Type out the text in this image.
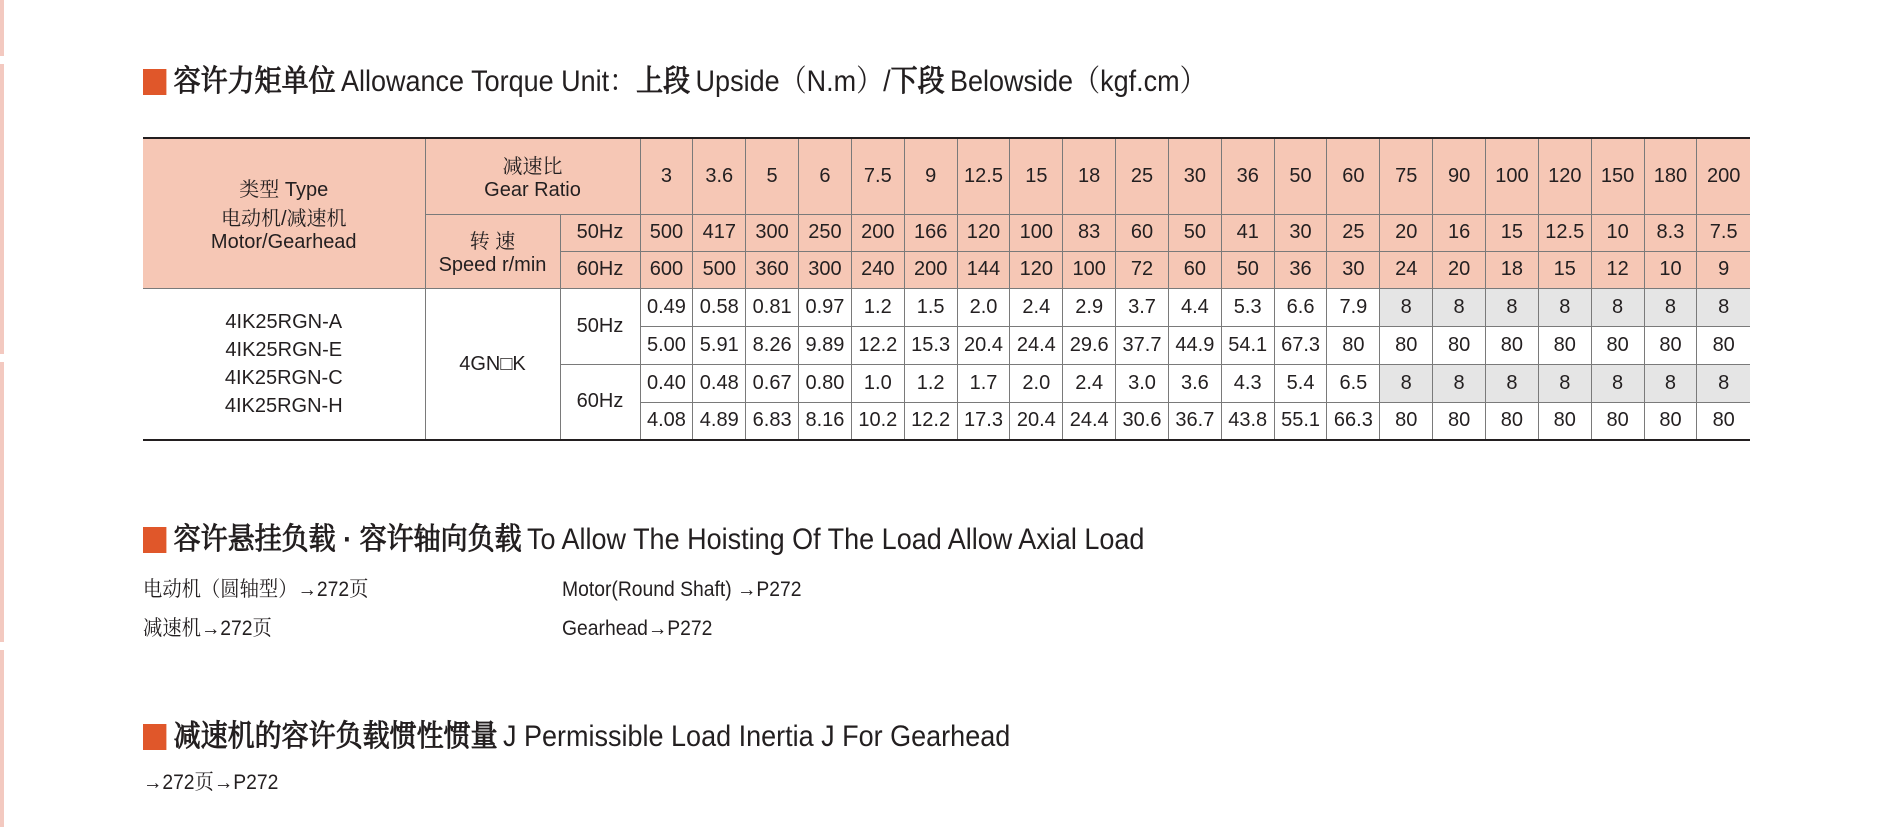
容许力矩单位 Allowance Torque Unit： 上段 Upside（N.m）/ 下段 Belowside（kgf.cm）
类型 Type
电动机/减速机
Motor/Gearhead	减速比
Gear Ratio		3	3.6	5	6	7.5	9	12.5	15	18	25	30	36	50	60	75	90	100	120	150	180	200

	转 速
Speed r/min	50Hz	500	417	300	250	200	166	120	100	83	60	50	41	30	25	20	16	15	12.5	10	8.3	7.5
		60Hz	600	500	360	300	240	200	144	120	100	72	60	50	36	30	24	20	18	15	12	10	9

4IK25RGN-A
4IK25RGN-E
4IK25RGN-C
4IK25RGN-H	4GN□K	50Hz	0.49	0.58	0.81	0.97	1.2	1.5	2.0	2.4	2.9	3.7	4.4	5.3	6.6	7.9	8	8	8	8	8	8	8
			5.00	5.91	8.26	9.89	12.2	15.3	20.4	24.4	29.6	37.7	44.9	54.1	67.3	80	80	80	80	80	80	80	80
		60Hz	0.40	0.48	0.67	0.80	1.0	1.2	1.7	2.0	2.4	3.0	3.6	4.3	5.4	6.5	8	8	8	8	8	8	8
			4.08	4.89	6.83	8.16	10.2	12.2	17.3	20.4	24.4	30.6	36.7	43.8	55.1	66.3	80	80	80	80	80	80	80
容许悬挂负载 · 容许轴向负载 To Allow The Hoisting Of The Load Allow Axial Load
电动机（圆轴型）→272页	Motor(Round Shaft) →P272
减速机→272页	Gearhead→P272
减速机的容许负载惯性惯量 J Permissible Load Inertia J For Gearhead
→272页→P272
